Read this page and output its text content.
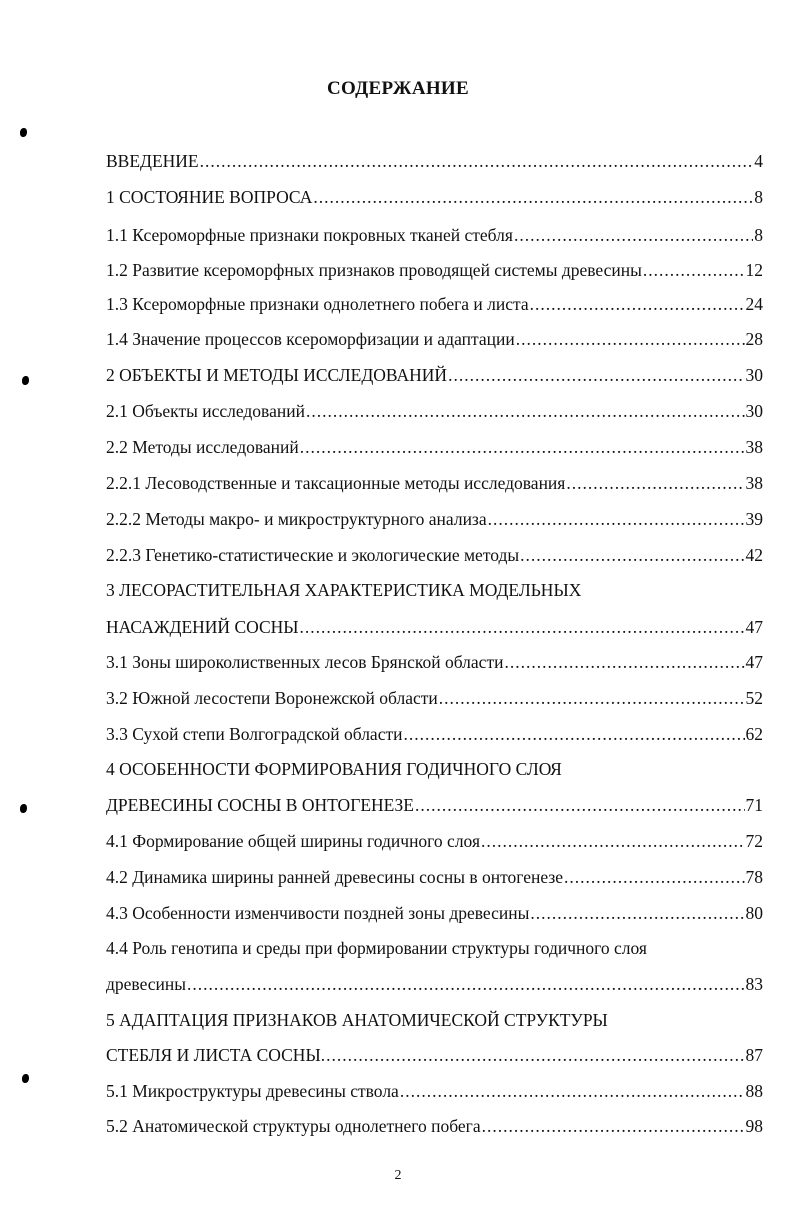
СОДЕРЖАНИЕ
ВВЕДЕНИЕ .....	4
1 СОСТОЯНИЕ ВОПРОСА .....	8
1.1 Ксероморфные признаки покровных тканей стебля .....	8
1.2 Развитие ксероморфных признаков проводящей системы древесины .....	12
1.3 Ксероморфные признаки однолетнего побега и листа .....	24
1.4 Значение процессов ксероморфизации и адаптации .....	28
2 ОБЪЕКТЫ И МЕТОДЫ ИССЛЕДОВАНИЙ .....	30
2.1 Объекты исследований .....	30
2.2 Методы исследований .....	38
2.2.1 Лесоводственные и таксационные методы исследования .....	38
2.2.2 Методы макро- и микроструктурного анализа .....	39
2.2.3 Генетико-статистические и экологические методы .....	42
3 ЛЕСОРАСТИТЕЛЬНАЯ ХАРАКТЕРИСТИКА МОДЕЛЬНЫХ
НАСАЖДЕНИЙ СОСНЫ .....	47
3.1 Зоны широколиственных лесов Брянской области .....	47
3.2 Южной лесостепи Воронежской области .....	52
3.3 Сухой степи Волгоградской области .....	62
4 ОСОБЕННОСТИ ФОРМИРОВАНИЯ ГОДИЧНОГО СЛОЯ
ДРЕВЕСИНЫ СОСНЫ В ОНТОГЕНЕЗЕ .....	71
4.1 Формирование общей ширины годичного слоя .....	72
4.2 Динамика ширины ранней древесины сосны в онтогенезе .....	78
4.3 Особенности изменчивости поздней зоны древесины .....	80
4.4 Роль генотипа и среды при формировании структуры годичного слоя
древесины .....	83
5 АДАПТАЦИЯ ПРИЗНАКОВ АНАТОМИЧЕСКОЙ СТРУКТУРЫ
СТЕБЛЯ И ЛИСТА СОСНЫ. .....	87
5.1 Микроструктуры древесины ствола .....	88
5.2 Анатомической структуры однолетнего побега .....	98
2
